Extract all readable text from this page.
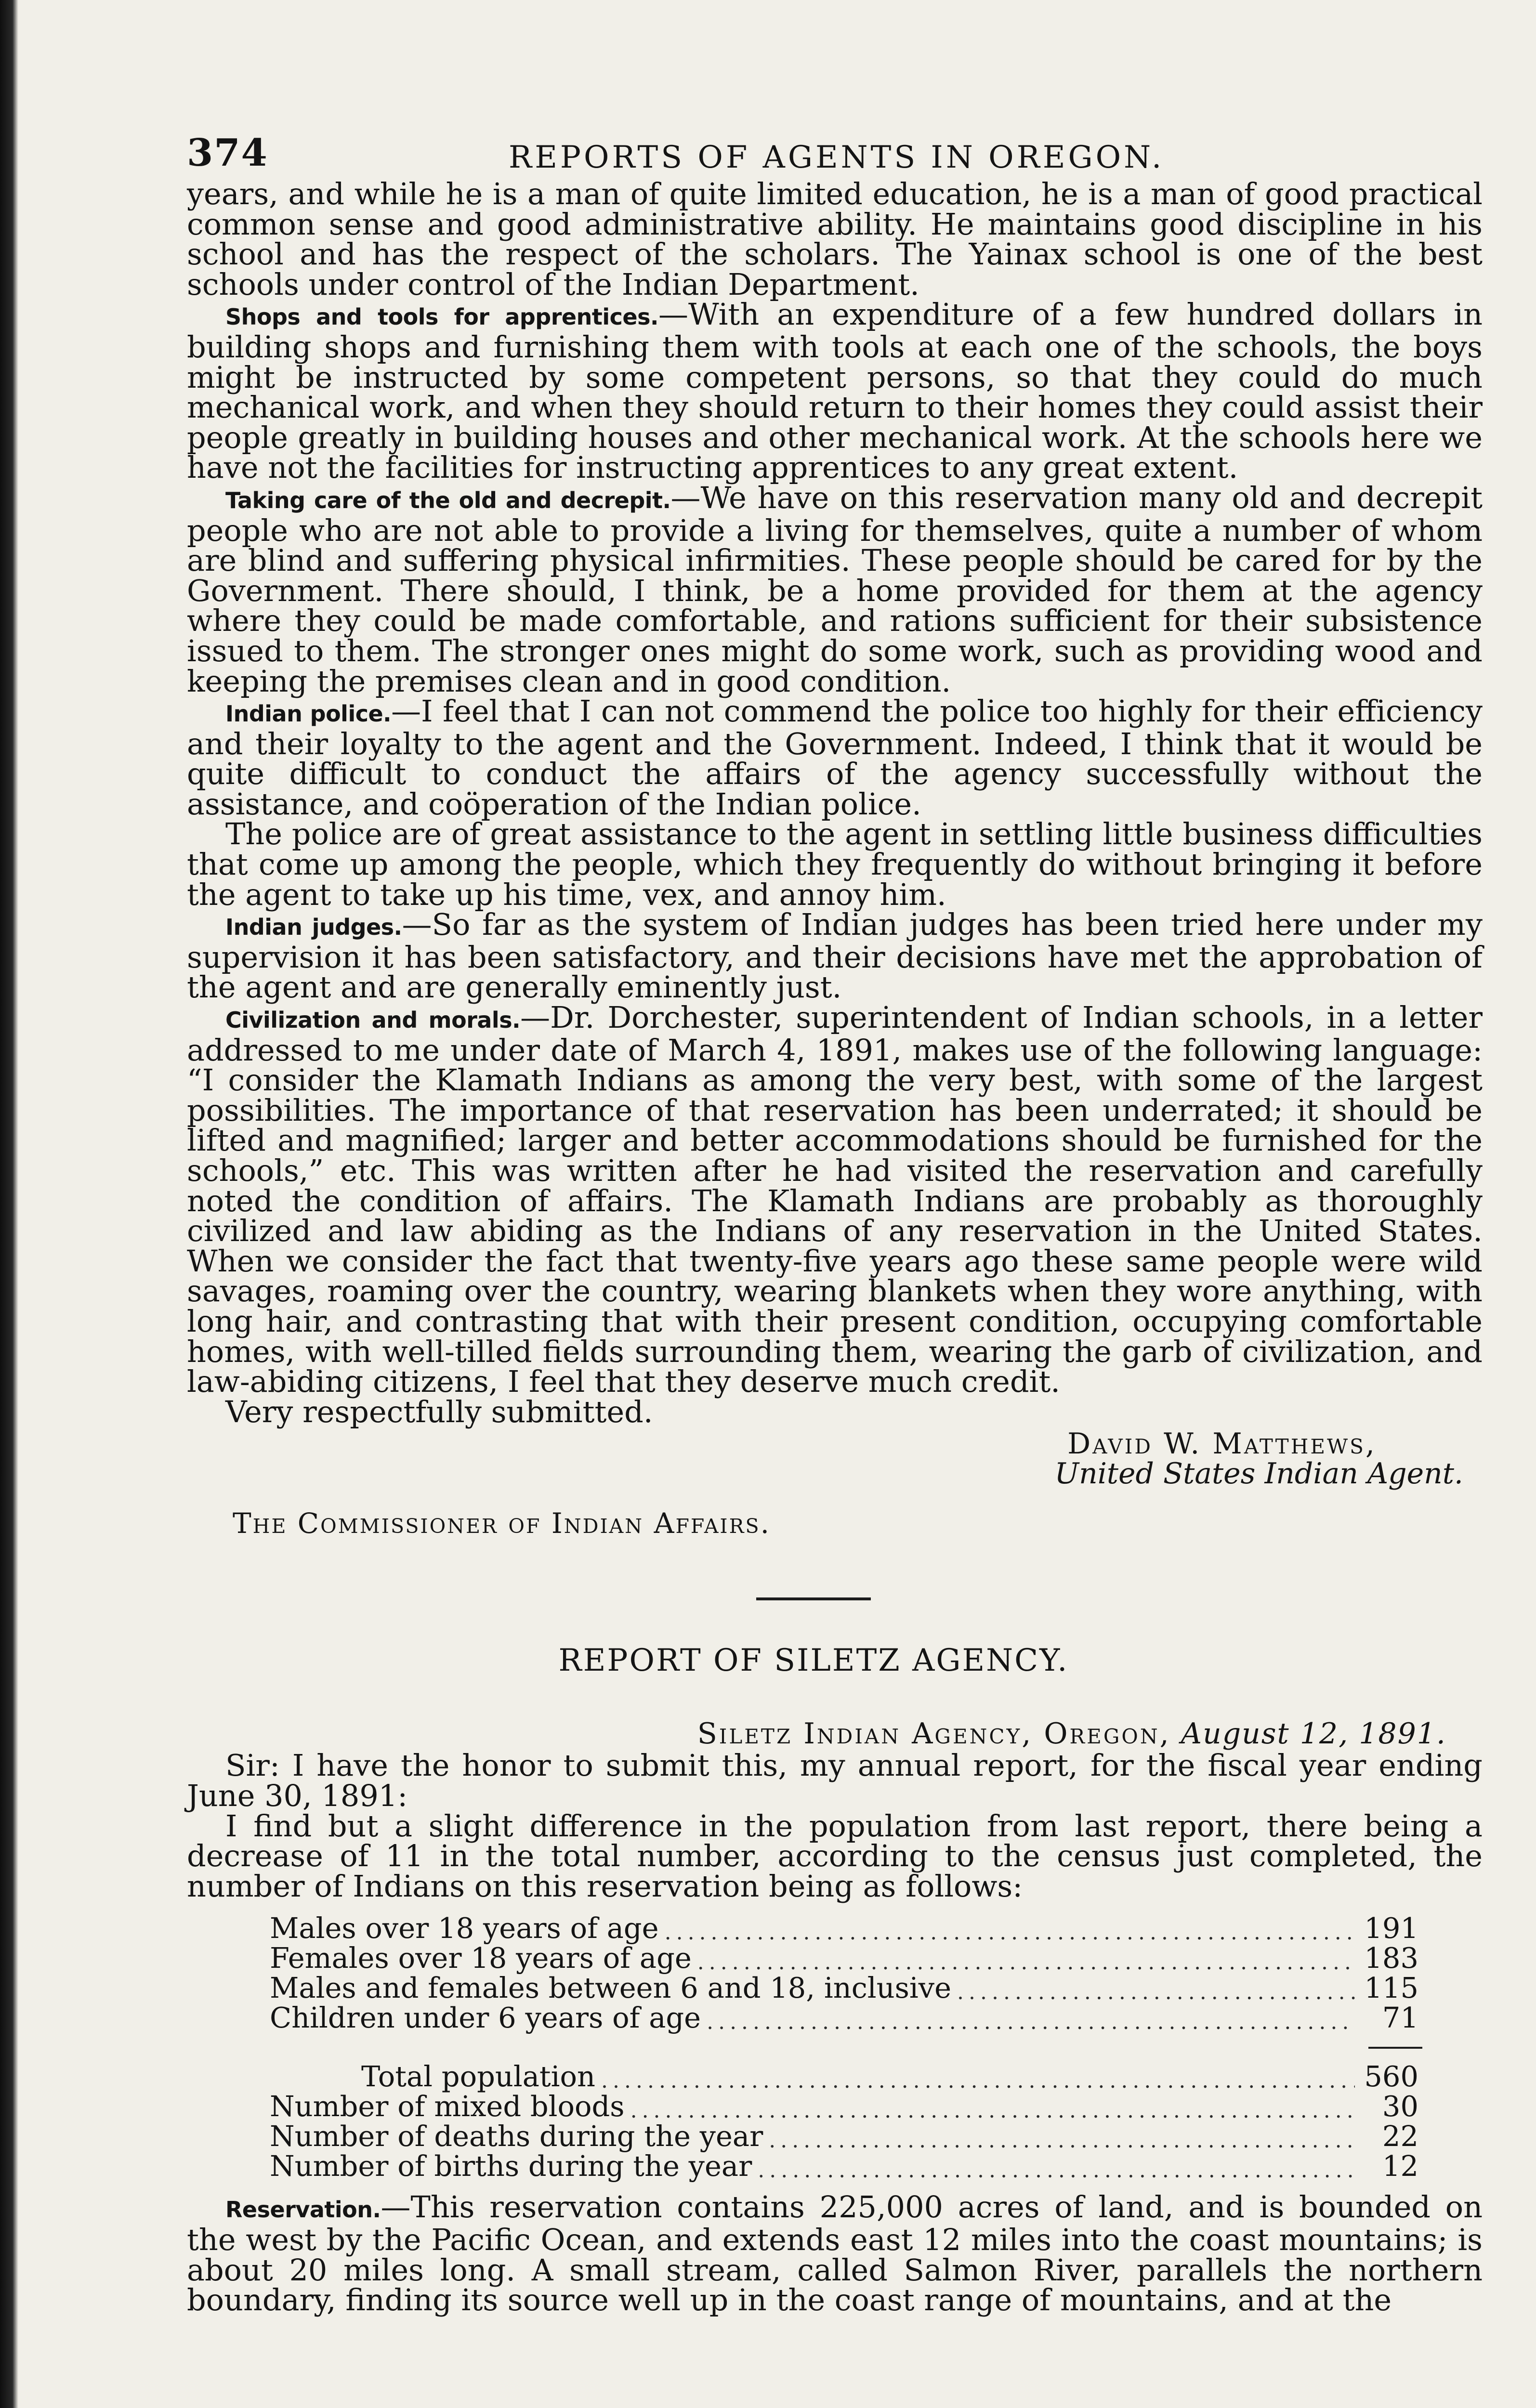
374	REPORTS OF AGENTS IN OREGON.

years, and while he is a man of quite limited education, he is a man of good practical common sense and good administrative ability. He maintains good discipline in his school and has the respect of the scholars. The Yainax school is one of the best schools under control of the Indian Department.

Shops and tools for apprentices.—With an expenditure of a few hundred dollars in building shops and furnishing them with tools at each one of the schools, the boys might be instructed by some competent persons, so that they could do much mechanical work, and when they should return to their homes they could assist their people greatly in building houses and other mechanical work. At the schools here we have not the facilities for instructing apprentices to any great extent.

Taking care of the old and decrepit.—We have on this reservation many old and decrepit people who are not able to provide a living for themselves, quite a number of whom are blind and suffering physical infirmities. These people should be cared for by the Government. There should, I think, be a home provided for them at the agency where they could be made comfortable, and rations sufficient for their subsistence issued to them. The stronger ones might do some work, such as providing wood and keeping the premises clean and in good condition.

Indian police.—I feel that I can not commend the police too highly for their efficiency and their loyalty to the agent and the Government. Indeed, I think that it would be quite difficult to conduct the affairs of the agency successfully without the assistance, and coöperation of the Indian police.

The police are of great assistance to the agent in settling little business difficulties that come up among the people, which they frequently do without bringing it before the agent to take up his time, vex, and annoy him.

Indian judges.—So far as the system of Indian judges has been tried here under my supervision it has been satisfactory, and their decisions have met the approbation of the agent and are generally eminently just.

Civilization and morals.—Dr. Dorchester, superintendent of Indian schools, in a letter addressed to me under date of March 4, 1891, makes use of the following language: “I consider the Klamath Indians as among the very best, with some of the largest possibilities. The importance of that reservation has been underrated; it should be lifted and magnified; larger and better accommodations should be furnished for the schools,” etc. This was written after he had visited the reservation and carefully noted the condition of affairs. The Klamath Indians are probably as thoroughly civilized and law abiding as the Indians of any reservation in the United States. When we consider the fact that twenty-five years ago these same people were wild savages, roaming over the country, wearing blankets when they wore anything, with long hair, and contrasting that with their present condition, occupying comfortable homes, with well-tilled fields surrounding them, wearing the garb of civilization, and law-abiding citizens, I feel that they deserve much credit.

Very respectfully submitted.

David W. Matthews,
United States Indian Agent.
The Commissioner of Indian Affairs.
REPORT OF SILETZ AGENCY.
Siletz Indian Agency, Oregon, August 12, 1891.

Sir: I have the honor to submit this, my annual report, for the fiscal year ending June 30, 1891:

I find but a slight difference in the population from last report, there being a decrease of 11 in the total number, according to the census just completed, the number of Indians on this reservation being as follows:

Males over 18 years of age .....	191
Females over 18 years of age .....	183
Males and females between 6 and 18, inclusive .....	115
Children under 6 years of age .....	71
Total population .....	560
Number of mixed bloods .....	30
Number of deaths during the year .....	22
Number of births during the year .....	12

Reservation.—This reservation contains 225,000 acres of land, and is bounded on the west by the Pacific Ocean, and extends east 12 miles into the coast mountains; is about 20 miles long. A small stream, called Salmon River, parallels the northern boundary, finding its source well up in the coast range of mountains, and at the
